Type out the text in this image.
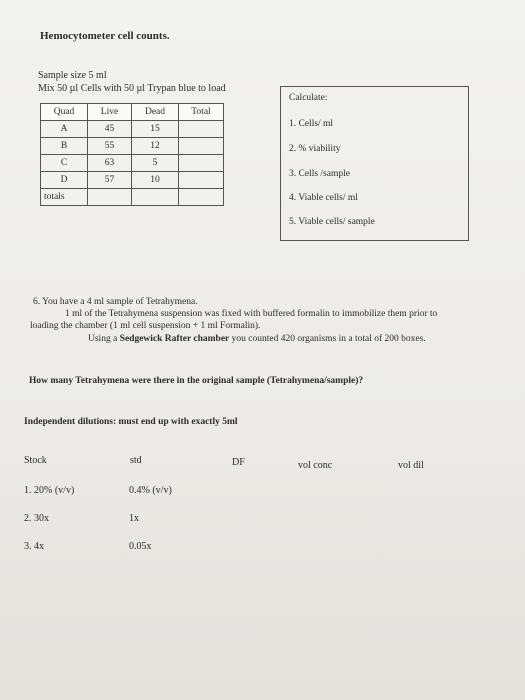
Hemocytometer cell counts.
Sample size 5 ml
Mix 50 µl Cells with 50 µl Trypan blue to load
Quad	Live	Dead	Total
A	45	15	
B	55	12	
C	63	5	
D	57	10	
totals			
Calculate:
1. Cells/ ml
2. % viability
3. Cells /sample
4. Viable cells/ ml
5. Viable cells/ sample
6. You have a 4 ml sample of Tetrahymena.
1 ml of the Tetrahymena suspension was fixed with buffered formalin to immobilize them prior to
loading the chamber (1 ml cell suspension + 1 ml Formalin).
Using a Sedgewick Rafter chamber you counted 420 organisms in a total of 200 boxes.
How many Tetrahymena were there in the original sample (Tetrahymena/sample)?
Independent dilutions: must end up with exactly 5ml
Stock	std	DF	vol conc	vol dil
1. 20% (v/v)	0.4% (v/v)
2. 30x	1x
3. 4x	0.05x
